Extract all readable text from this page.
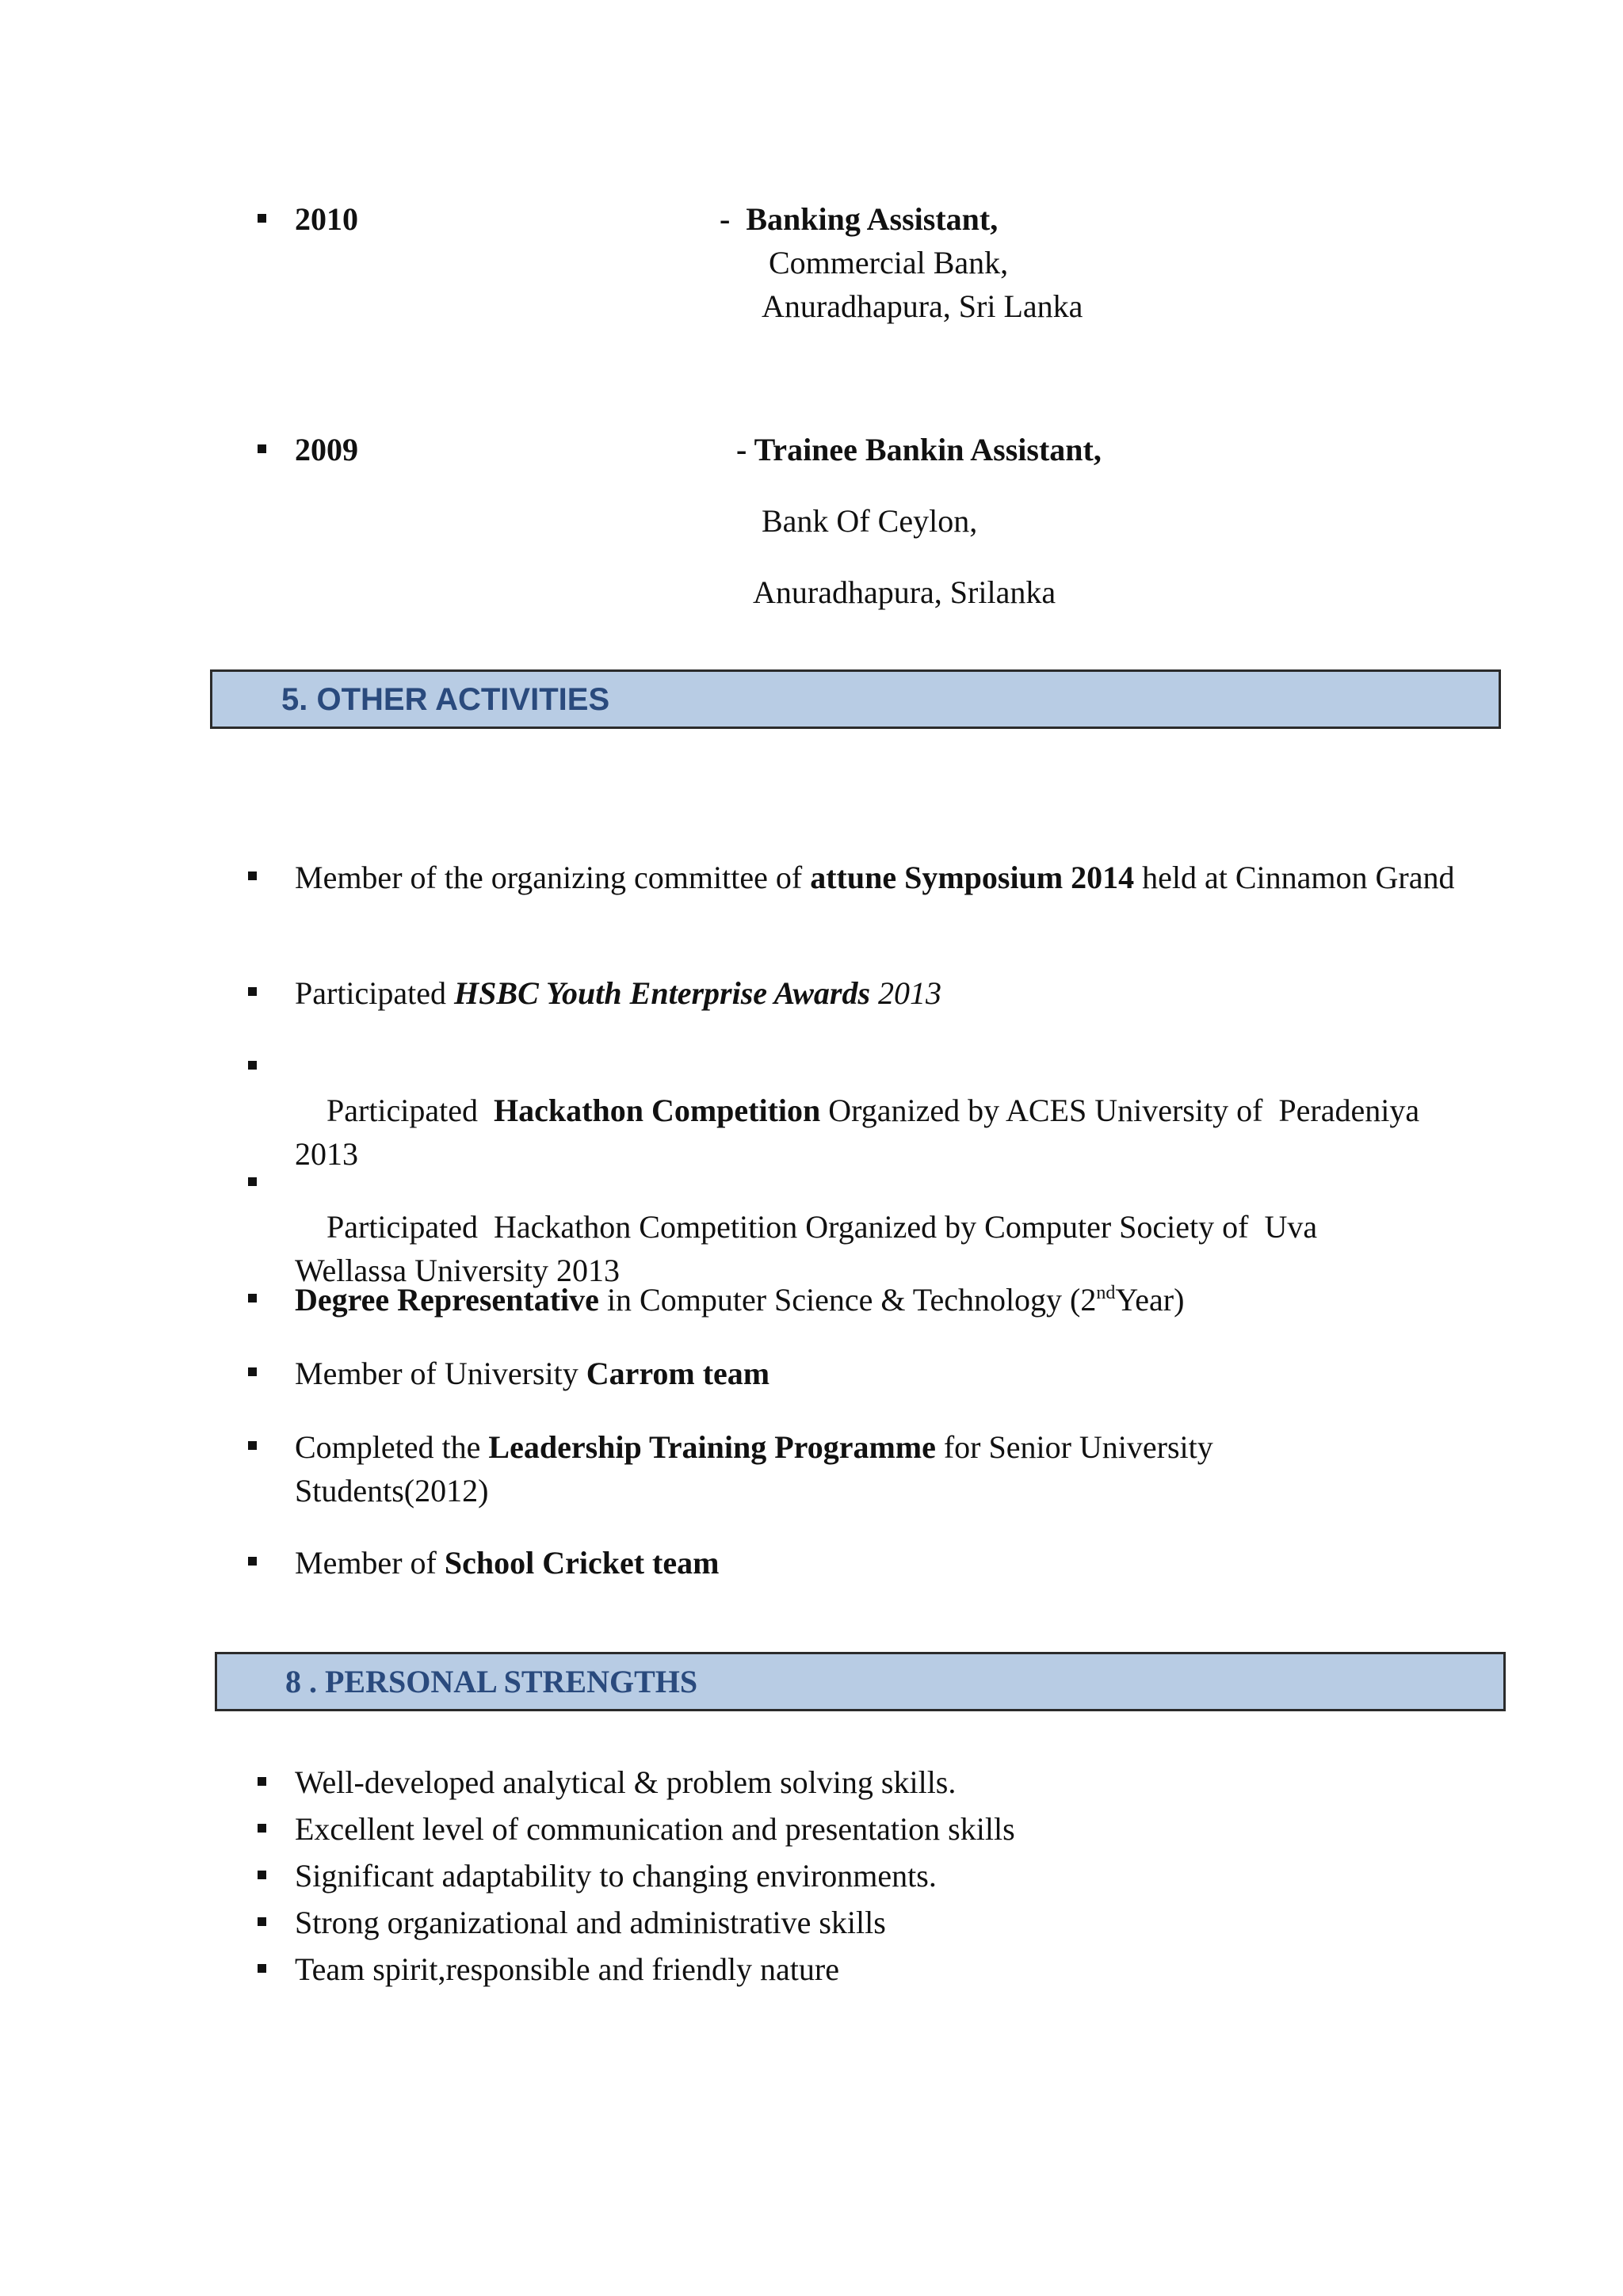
2010	-  Banking Assistant,
Commercial Bank,
Anuradhapura, Sri Lanka
2009	- Trainee Bankin Assistant,
Bank Of Ceylon,
Anuradhapura, Srilanka
5. OTHER ACTIVITIES
Member of the organizing committee of attune Symposium 2014 held at Cinnamon Grand
Participated HSBC Youth Enterprise Awards 2013

Participated  Hackathon Competition Organized by ACES University of  Peradeniya 2013

Participated  Hackathon Competition Organized by Computer Society of  Uva Wellassa University 2013

Degree Representative in Computer Science & Technology (2ndYear)
Member of University Carrom team
Completed the Leadership Training Programme for Senior University Students(2012)
Member of School Cricket team
8 . PERSONAL STRENGTHS
Well-developed analytical & problem solving skills.
Excellent level of communication and presentation skills
Significant adaptability to changing environments.
Strong organizational and administrative skills
Team spirit,responsible and friendly nature
